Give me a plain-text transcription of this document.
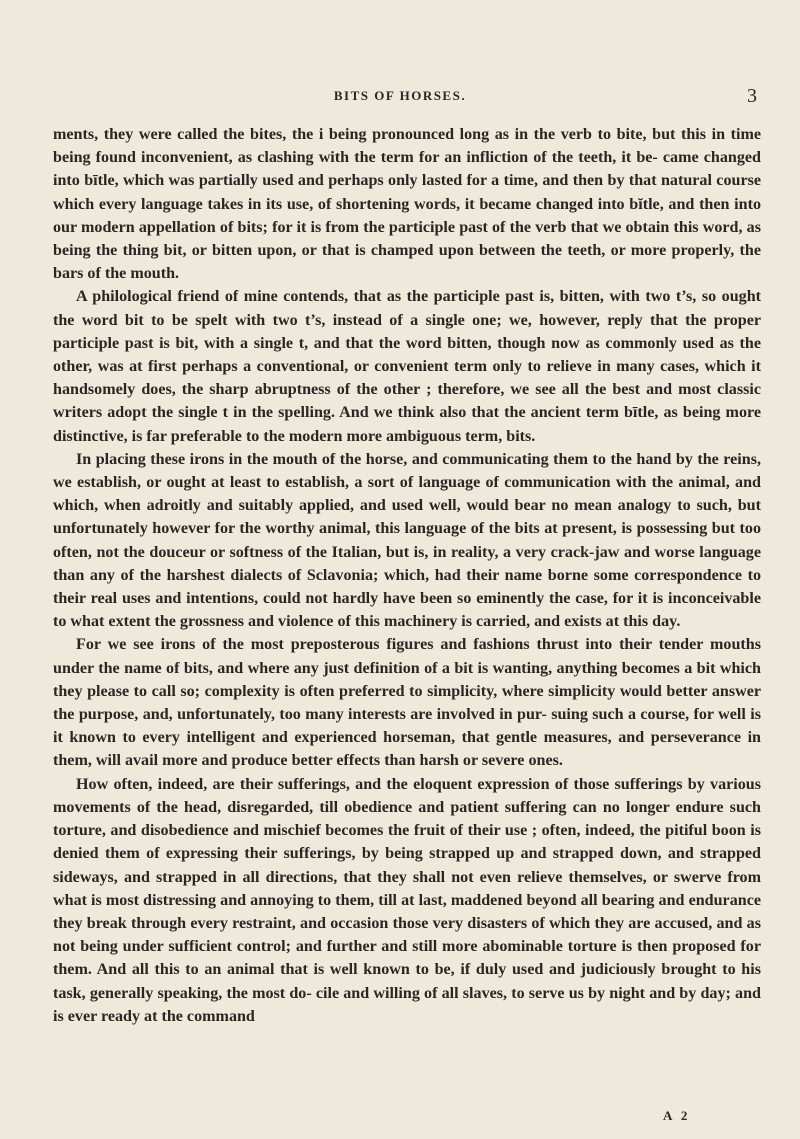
BITS OF HORSES.	3

ments, they were called the bites, the i being pronounced long as in the verb to bite, but this in time being found inconvenient, as clashing with the term for an infliction of the teeth, it be- came changed into bītle, which was partially used and perhaps only lasted for a time, and then by that natural course which every language takes in its use, of shortening words, it became changed into bĭtle, and then into our modern appellation of bits; for it is from the participle past of the verb that we obtain this word, as being the thing bit, or bitten upon, or that is champed upon between the teeth, or more properly, the bars of the mouth.

A philological friend of mine contends, that as the participle past is, bitten, with two t’s, so ought the word bit to be spelt with two t’s, instead of a single one; we, however, reply that the proper participle past is bit, with a single t, and that the word bitten, though now as commonly used as the other, was at first perhaps a conventional, or convenient term only to relieve in many cases, which it handsomely does, the sharp abruptness of the other ; therefore, we see all the best and most classic writers adopt the single t in the spelling. And we think also that the ancient term bītle, as being more distinctive, is far preferable to the modern more ambiguous term, bits.

In placing these irons in the mouth of the horse, and communicating them to the hand by the reins, we establish, or ought at least to establish, a sort of language of communication with the animal, and which, when adroitly and suitably applied, and used well, would bear no mean analogy to such, but unfortunately however for the worthy animal, this language of the bits at present, is possessing but too often, not the douceur or softness of the Italian, but is, in reality, a very crack-jaw and worse language than any of the harshest dialects of Sclavonia; which, had their name borne some correspondence to their real uses and intentions, could not hardly have been so eminently the case, for it is inconceivable to what extent the grossness and violence of this machinery is carried, and exists at this day.

For we see irons of the most preposterous figures and fashions thrust into their tender mouths under the name of bits, and where any just definition of a bit is wanting, anything becomes a bit which they please to call so; complexity is often preferred to simplicity, where simplicity would better answer the purpose, and, unfortunately, too many interests are involved in pur- suing such a course, for well is it known to every intelligent and experienced horseman, that gentle measures, and perseverance in them, will avail more and produce better effects than harsh or severe ones.

How often, indeed, are their sufferings, and the eloquent expression of those sufferings by various movements of the head, disregarded, till obedience and patient suffering can no longer endure such torture, and disobedience and mischief becomes the fruit of their use ; often, indeed, the pitiful boon is denied them of expressing their sufferings, by being strapped up and strapped down, and strapped sideways, and strapped in all directions, that they shall not even relieve themselves, or swerve from what is most distressing and annoying to them, till at last, maddened beyond all bearing and endurance they break through every restraint, and occasion those very disasters of which they are accused, and as not being under sufficient control; and further and still more abominable torture is then proposed for them. And all this to an animal that is well known to be, if duly used and judiciously brought to his task, generally speaking, the most do- cile and willing of all slaves, to serve us by night and by day; and is ever ready at the command

A 2
